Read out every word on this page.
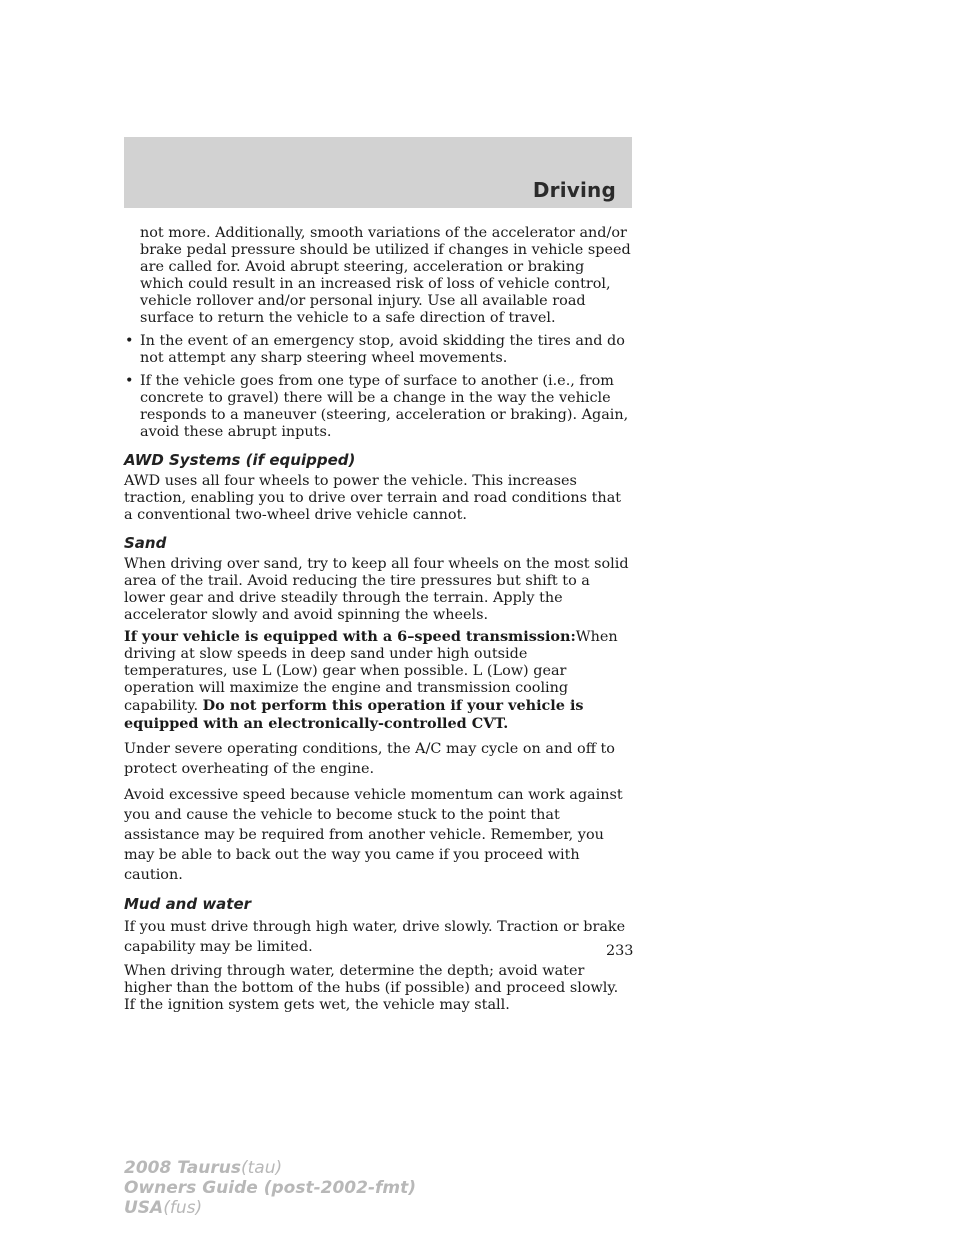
Driving

not more. Additionally, smooth variations of the accelerator and/or brake pedal pressure should be utilized if changes in vehicle speed are called for. Avoid abrupt steering, acceleration or braking which could result in an increased risk of loss of vehicle control, vehicle rollover and/or personal injury. Use all available road surface to return the vehicle to a safe direction of travel.

• In the event of an emergency stop, avoid skidding the tires and do not attempt any sharp steering wheel movements.

• If the vehicle goes from one type of surface to another (i.e., from concrete to gravel) there will be a change in the way the vehicle responds to a maneuver (steering, acceleration or braking). Again, avoid these abrupt inputs.

AWD Systems (if equipped)

AWD uses all four wheels to power the vehicle. This increases traction, enabling you to drive over terrain and road conditions that a conventional two-wheel drive vehicle cannot.

Sand

When driving over sand, try to keep all four wheels on the most solid area of the trail. Avoid reducing the tire pressures but shift to a lower gear and drive steadily through the terrain. Apply the accelerator slowly and avoid spinning the wheels.

If your vehicle is equipped with a 6–speed transmission:When driving at slow speeds in deep sand under high outside temperatures, use L (Low) gear when possible. L (Low) gear operation will maximize the engine and transmission cooling capability. Do not perform this operation if your vehicle is equipped with an electronically-controlled CVT.

Under severe operating conditions, the A/C may cycle on and off to protect overheating of the engine.

Avoid excessive speed because vehicle momentum can work against you and cause the vehicle to become stuck to the point that assistance may be required from another vehicle. Remember, you may be able to back out the way you came if you proceed with caution.

Mud and water

If you must drive through high water, drive slowly. Traction or brake capability may be limited.

When driving through water, determine the depth; avoid water higher than the bottom of the hubs (if possible) and proceed slowly. If the ignition system gets wet, the vehicle may stall.

233

2008 Taurus(tau)
Owners Guide (post-2002-fmt)
USA(fus)
